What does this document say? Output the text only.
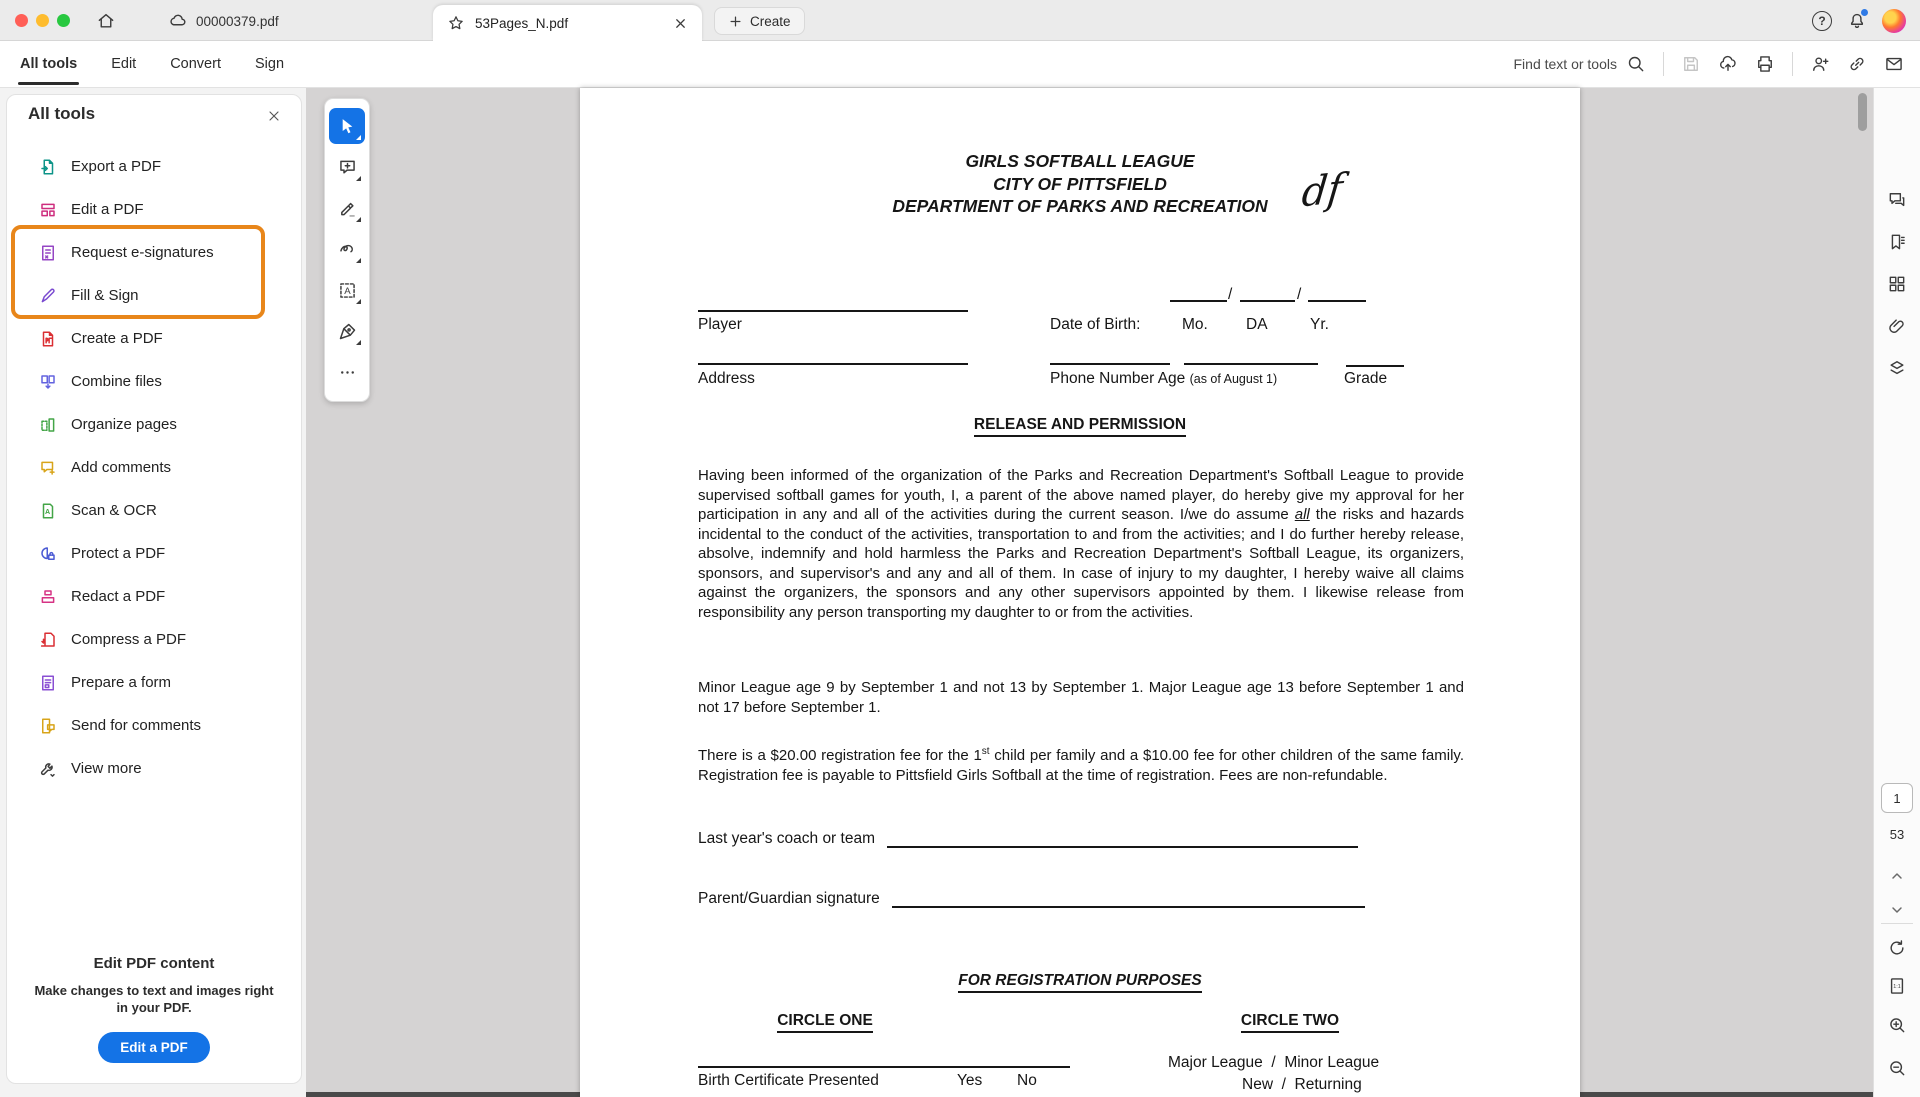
00000379.pdf	53Pages_N.pdf	Create
?
All tools Edit Convert Sign	Find text or tools
All tools
Export a PDF
Edit a PDF
Request e-signatures
Fill & Sign
Create a PDF
Combine files
Organize pages
Add comments
A Scan & OCR
Protect a PDF
Redact a PDF
Compress a PDF
Prepare a form
Send for comments
View more
Edit PDF content
Make changes to text and images right in your PDF.
Edit a PDF
A
GIRLS SOFTBALL LEAGUE
CITY OF PITTSFIELD
DEPARTMENT OF PARKS AND RECREATION df
Player	Date of Birth:
/	/
Mo. DA	Yr.
Address	Phone Number Age (as of August 1)	Grade
RELEASE AND PERMISSION
Having been informed of the organization of the Parks and Recreation Department's Softball League to provide supervised softball games for youth, I, a parent of the above named player, do hereby give my approval for her participation in any and all of the activities during the current season. I/we do assume all the risks and hazards incidental to the conduct of the activities, transportation to and from the activities; and I do further hereby release, absolve, indemnify and hold harmless the Parks and Recreation Department's Softball League, its organizers, sponsors, and supervisor's and any and all of them. In case of injury to my daughter, I hereby waive all claims against the organizers, the sponsors and any other supervisors appointed by them. I likewise release from responsibility any person transporting my daughter to or from the activities.
Minor League age 9 by September 1 and not 13 by September 1. Major League age 13 before September 1 and not 17 before September 1.
There is a $20.00 registration fee for the 1st child per family and a $10.00 fee for other children of the same family. Registration fee is payable to Pittsfield Girls Softball at the time of registration. Fees are non-refundable.
Last year's coach or team
Parent/Guardian signature
FOR REGISTRATION PURPOSES
CIRCLE ONE	CIRCLE TWO
Birth Certificate Presented	Yes No
Major League  /  Minor League
New  /  Returning
1
53
1:1
